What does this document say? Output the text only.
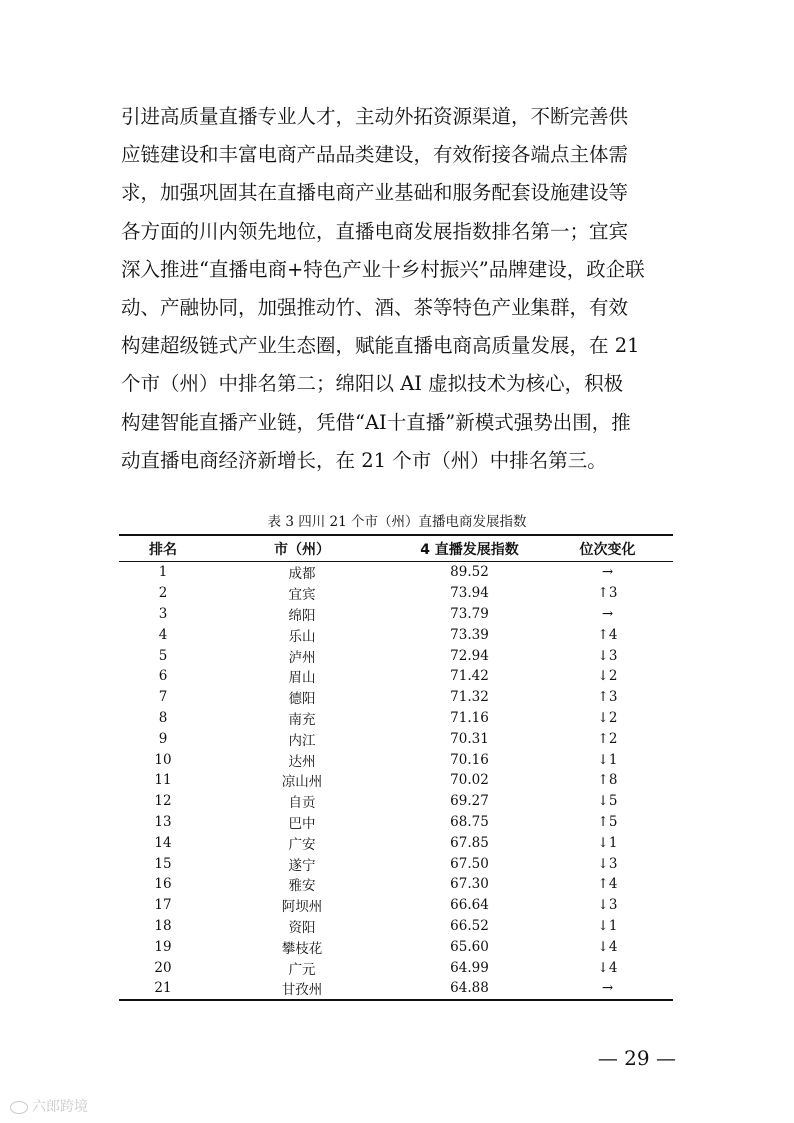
引进高质量直播专业人才，主动外拓资源渠道，不断完善供
应链建设和丰富电商产品品类建设，有效衔接各端点主体需
求，加强巩固其在直播电商产业基础和服务配套设施建设等
各方面的川内领先地位，直播电商发展指数排名第一；宜宾
深入推进“直播电商+特色产业十乡村振兴”品牌建设，政企联
动、产融协同，加强推动竹、酒、茶等特色产业集群，有效
构建超级链式产业生态圈，赋能直播电商高质量发展，在 21
个市（州）中排名第二；绵阳以 AI 虚拟技术为核心，积极
构建智能直播产业链，凭借“AI十直播”新模式强势出围，推
动直播电商经济新增长，在 21 个市（州）中排名第三。
表 3 四川 21 个市（州）直播电商发展指数
排名	市（州）	4 直播发展指数	位次变化
1	成都	89.52	→
2	宜宾	73.94	↑3
3	绵阳	73.79	→
4	乐山	73.39	↑4
5	泸州	72.94	↓3
6	眉山	71.42	↓2
7	德阳	71.32	↑3
8	南充	71.16	↓2
9	内江	70.31	↑2
10	达州	70.16	↓1
11	凉山州	70.02	↑8
12	自贡	69.27	↓5
13	巴中	68.75	↑5
14	广安	67.85	↓1
15	遂宁	67.50	↓3
16	雅安	67.30	↑4
17	阿坝州	66.64	↓3
18	资阳	66.52	↓1
19	攀枝花	65.60	↓4
20	广元	64.99	↓4
21	甘孜州	64.88	→
— 29 —
六郎跨境
